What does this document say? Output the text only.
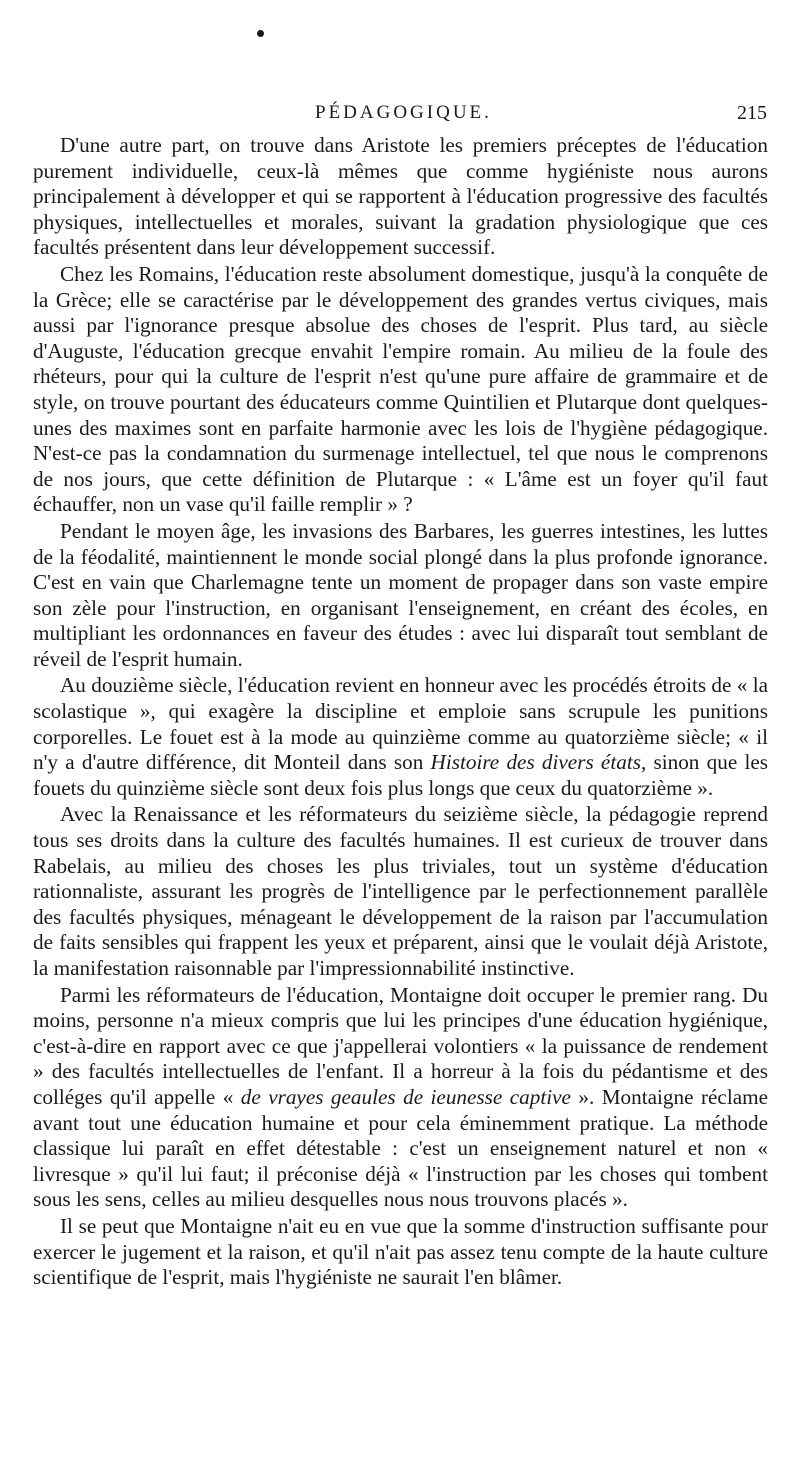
PÉDAGOGIQUE.	215

D'une autre part, on trouve dans Aristote les premiers préceptes de l'éducation purement individuelle, ceux-là mêmes que comme hygiéniste nous aurons principalement à développer et qui se rapportent à l'éducation progressive des facultés physiques, intellectuelles et morales, suivant la gradation physiologique que ces facultés présentent dans leur développement successif.

Chez les Romains, l'éducation reste absolument domestique, jusqu'à la conquête de la Grèce; elle se caractérise par le développement des grandes vertus civiques, mais aussi par l'ignorance presque absolue des choses de l'esprit. Plus tard, au siècle d'Auguste, l'éducation grecque envahit l'empire romain. Au milieu de la foule des rhéteurs, pour qui la culture de l'esprit n'est qu'une pure affaire de grammaire et de style, on trouve pourtant des éducateurs comme Quintilien et Plutarque dont quelques-unes des maximes sont en parfaite harmonie avec les lois de l'hygiène pédagogique. N'est-ce pas la condamnation du surmenage intellectuel, tel que nous le comprenons de nos jours, que cette définition de Plutarque : « L'âme est un foyer qu'il faut échauffer, non un vase qu'il faille remplir » ?

Pendant le moyen âge, les invasions des Barbares, les guerres intestines, les luttes de la féodalité, maintiennent le monde social plongé dans la plus profonde ignorance. C'est en vain que Charlemagne tente un moment de propager dans son vaste empire son zèle pour l'instruction, en organisant l'enseignement, en créant des écoles, en multipliant les ordonnances en faveur des études : avec lui disparaît tout semblant de réveil de l'esprit humain.

Au douzième siècle, l'éducation revient en honneur avec les procédés étroits de « la scolastique », qui exagère la discipline et emploie sans scrupule les punitions corporelles. Le fouet est à la mode au quinzième comme au quatorzième siècle; « il n'y a d'autre différence, dit Monteil dans son Histoire des divers états, sinon que les fouets du quinzième siècle sont deux fois plus longs que ceux du quatorzième ».

Avec la Renaissance et les réformateurs du seizième siècle, la pédagogie reprend tous ses droits dans la culture des facultés humaines. Il est curieux de trouver dans Rabelais, au milieu des choses les plus triviales, tout un système d'éducation rationnaliste, assurant les progrès de l'intelligence par le perfectionnement parallèle des facultés physiques, ménageant le développement de la raison par l'accumulation de faits sensibles qui frappent les yeux et préparent, ainsi que le voulait déjà Aristote, la manifestation raisonnable par l'impressionnabilité instinctive.

Parmi les réformateurs de l'éducation, Montaigne doit occuper le premier rang. Du moins, personne n'a mieux compris que lui les principes d'une éducation hygiénique, c'est-à-dire en rapport avec ce que j'appellerai volontiers « la puissance de rendement » des facultés intellectuelles de l'enfant. Il a horreur à la fois du pédantisme et des colléges qu'il appelle « de vrayes geaules de ieunesse captive ». Montaigne réclame avant tout une éducation humaine et pour cela éminemment pratique. La méthode classique lui paraît en effet détestable : c'est un enseignement naturel et non « livresque » qu'il lui faut; il préconise déjà « l'instruction par les choses qui tombent sous les sens, celles au milieu desquelles nous nous trouvons placés ».

Il se peut que Montaigne n'ait eu en vue que la somme d'instruction suffisante pour exercer le jugement et la raison, et qu'il n'ait pas assez tenu compte de la haute culture scientifique de l'esprit, mais l'hygiéniste ne saurait l'en blâmer.
